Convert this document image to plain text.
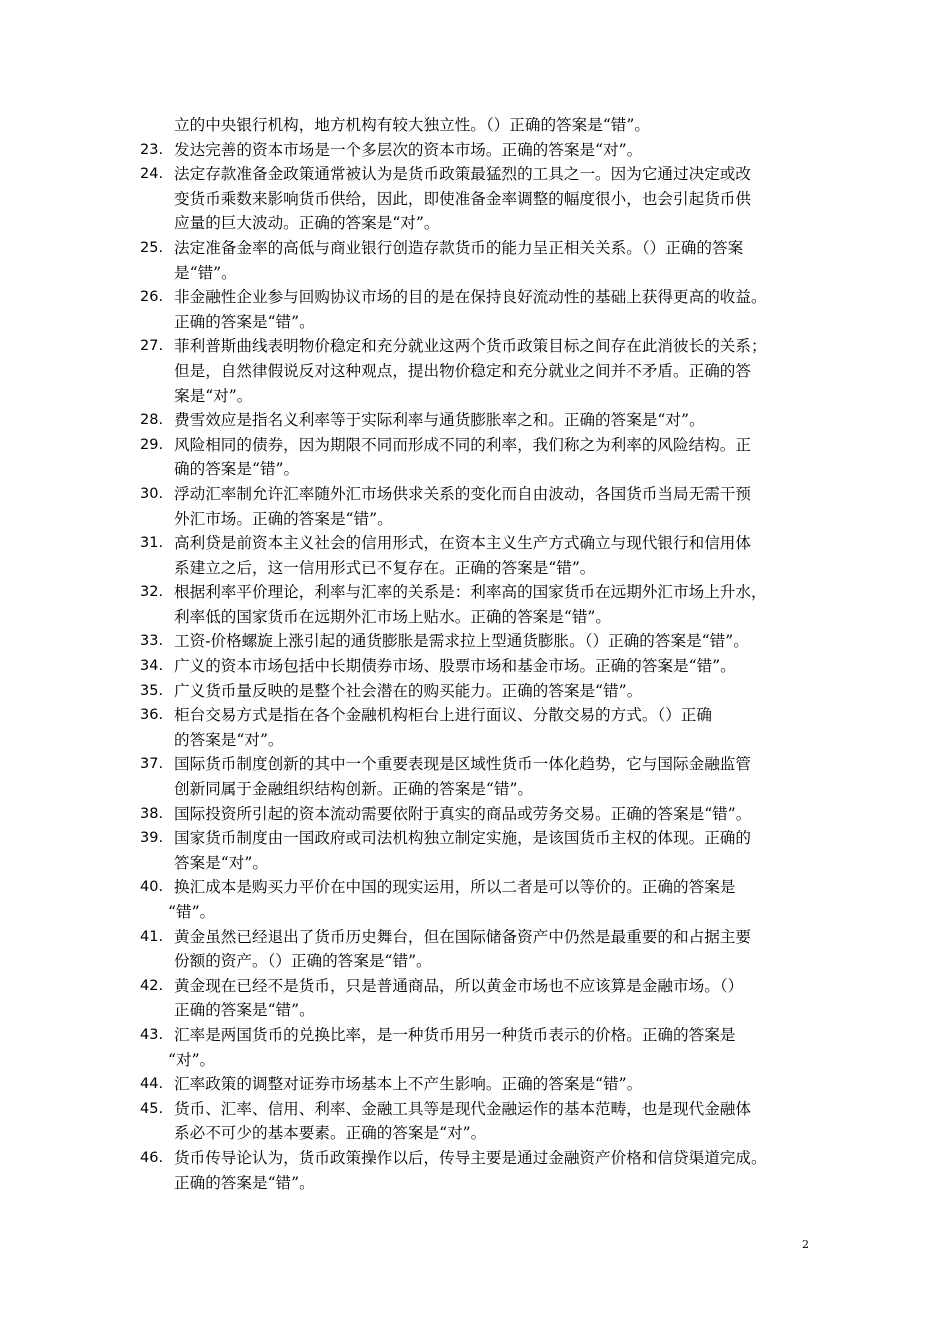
立的中央银行机构，地方机构有较大独立性。（）正确的答案是“错”。
23. 发达完善的资本市场是一个多层次的资本市场。正确的答案是“对”。
24. 法定存款准备金政策通常被认为是货币政策最猛烈的工具之一。因为它通过决定或改
变货币乘数来影响货币供给，因此，即使准备金率调整的幅度很小，也会引起货币供
应量的巨大波动。正确的答案是“对”。
25. 法定准备金率的高低与商业银行创造存款货币的能力呈正相关关系。（）正确的答案
是“错”。
26. 非金融性企业参与回购协议市场的目的是在保持良好流动性的基础上获得更高的收益。
正确的答案是“错”。
27. 菲利普斯曲线表明物价稳定和充分就业这两个货币政策目标之间存在此消彼长的关系；
但是，自然律假说反对这种观点，提出物价稳定和充分就业之间并不矛盾。正确的答
案是“对”。
28. 费雪效应是指名义利率等于实际利率与通货膨胀率之和。正确的答案是“对”。
29. 风险相同的债券，因为期限不同而形成不同的利率，我们称之为利率的风险结构。正
确的答案是“错”。
30. 浮动汇率制允许汇率随外汇市场供求关系的变化而自由波动，各国货币当局无需干预
外汇市场。正确的答案是“错”。
31. 高利贷是前资本主义社会的信用形式，在资本主义生产方式确立与现代银行和信用体
系建立之后，这一信用形式已不复存在。正确的答案是“错”。
32. 根据利率平价理论，利率与汇率的关系是：利率高的国家货币在远期外汇市场上升水，
利率低的国家货币在远期外汇市场上贴水。正确的答案是“错”。
33. 工资-价格螺旋上涨引起的通货膨胀是需求拉上型通货膨胀。（）正确的答案是“错”。
34. 广义的资本市场包括中长期债券市场、股票市场和基金市场。正确的答案是“错”。
35. 广义货币量反映的是整个社会潜在的购买能力。正确的答案是“错”。
36. 柜台交易方式是指在各个金融机构柜台上进行面议、分散交易的方式。（）正确
的答案是“对”。
37. 国际货币制度创新的其中一个重要表现是区域性货币一体化趋势，它与国际金融监管
创新同属于金融组织结构创新。正确的答案是“错”。
38. 国际投资所引起的资本流动需要依附于真实的商品或劳务交易。正确的答案是“错”。
39. 国家货币制度由一国政府或司法机构独立制定实施，是该国货币主权的体现。正确的
答案是“对”。
40. 换汇成本是购买力平价在中国的现实运用，所以二者是可以等价的。正确的答案是
“错”。
41. 黄金虽然已经退出了货币历史舞台，但在国际储备资产中仍然是最重要的和占据主要
份额的资产。（）正确的答案是“错”。
42. 黄金现在已经不是货币，只是普通商品，所以黄金市场也不应该算是金融市场。（）
正确的答案是“错”。
43. 汇率是两国货币的兑换比率，是一种货币用另一种货币表示的价格。正确的答案是
“对”。
44. 汇率政策的调整对证券市场基本上不产生影响。正确的答案是“错”。
45. 货币、汇率、信用、利率、金融工具等是现代金融运作的基本范畴，也是现代金融体
系必不可少的基本要素。正确的答案是“对”。
46. 货币传导论认为，货币政策操作以后，传导主要是通过金融资产价格和信贷渠道完成。
正确的答案是“错”。
2
